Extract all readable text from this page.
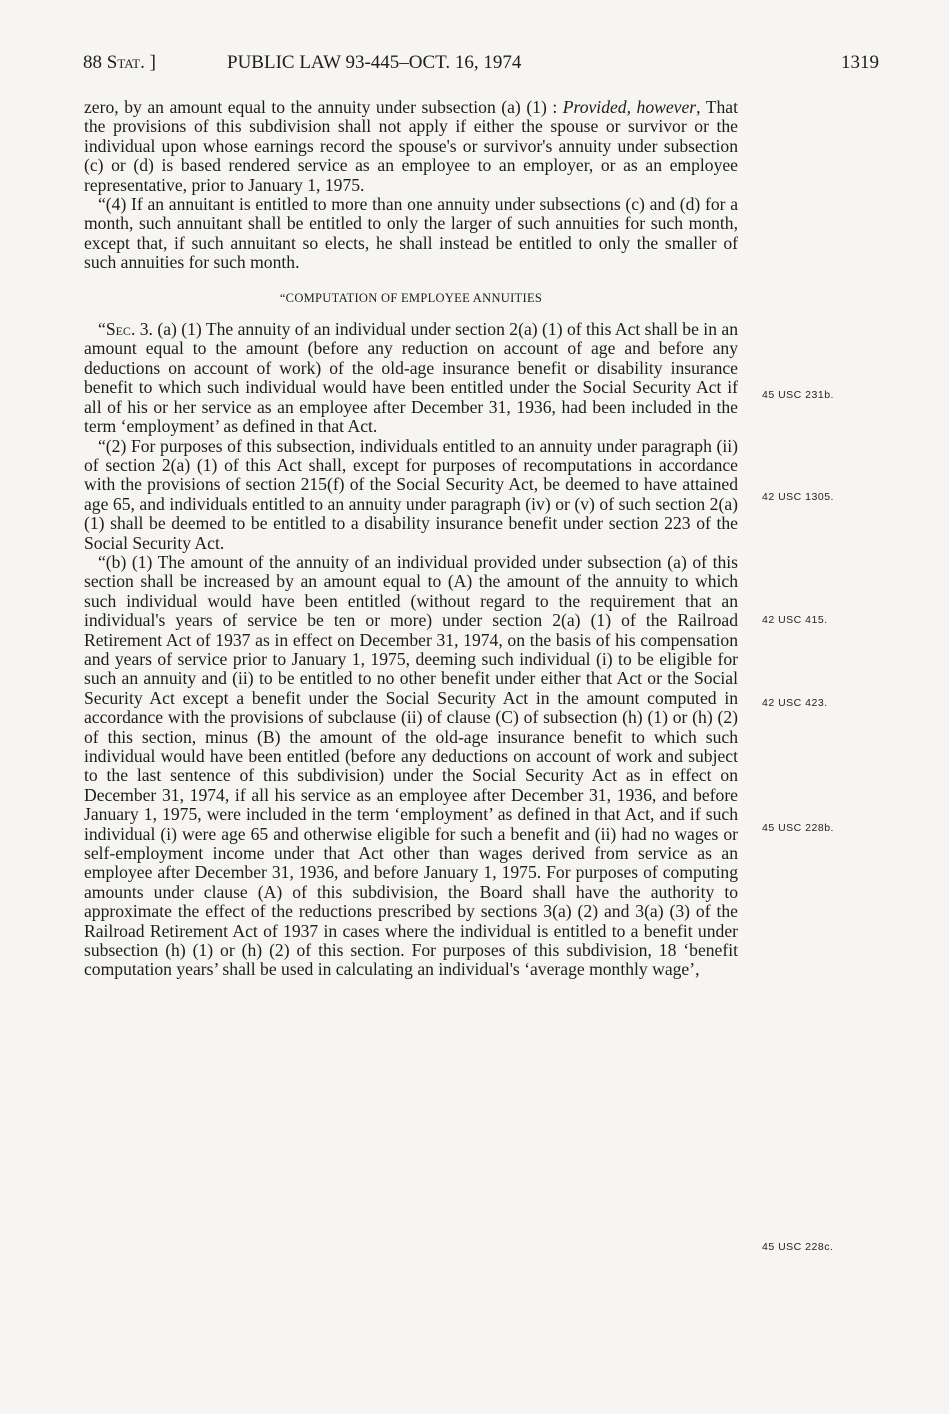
88 Stat. ]	PUBLIC LAW 93-445–OCT. 16, 1974	1319

zero, by an amount equal to the annuity under subsection (a) (1) : Provided, however, That the provisions of this subdivision shall not apply if either the spouse or survivor or the individual upon whose earnings record the spouse's or survivor's annuity under subsection (c) or (d) is based rendered service as an employee to an employer, or as an employee representative, prior to January 1, 1975.

“(4) If an annuitant is entitled to more than one annuity under subsections (c) and (d) for a month, such annuitant shall be entitled to only the larger of such annuities for such month, except that, if such annuitant so elects, he shall instead be entitled to only the smaller of such annuities for such month.

“COMPUTATION OF EMPLOYEE ANNUITIES

“Sec. 3. (a) (1) The annuity of an individual under section 2(a) (1) of this Act shall be in an amount equal to the amount (before any reduction on account of age and before any deductions on account of work) of the old-age insurance benefit or disability insurance benefit to which such individual would have been entitled under the Social Security Act if all of his or her service as an employee after December 31, 1936, had been included in the term ‘employment’ as defined in that Act.

“(2) For purposes of this subsection, individuals entitled to an annuity under paragraph (ii) of section 2(a) (1) of this Act shall, except for purposes of recomputations in accordance with the provisions of section 215(f) of the Social Security Act, be deemed to have attained age 65, and individuals entitled to an annuity under paragraph (iv) or (v) of such section 2(a) (1) shall be deemed to be entitled to a disability insurance benefit under section 223 of the Social Security Act.

“(b) (1) The amount of the annuity of an individual provided under subsection (a) of this section shall be increased by an amount equal to (A) the amount of the annuity to which such individual would have been entitled (without regard to the requirement that an individual's years of service be ten or more) under section 2(a) (1) of the Railroad Retirement Act of 1937 as in effect on December 31, 1974, on the basis of his compensation and years of service prior to January 1, 1975, deeming such individual (i) to be eligible for such an annuity and (ii) to be entitled to no other benefit under either that Act or the Social Security Act except a benefit under the Social Security Act in the amount computed in accordance with the provisions of subclause (ii) of clause (C) of subsection (h) (1) or (h) (2) of this section, minus (B) the amount of the old-age insurance benefit to which such individual would have been entitled (before any deductions on account of work and subject to the last sentence of this subdivision) under the Social Security Act as in effect on December 31, 1974, if all his service as an employee after December 31, 1936, and before January 1, 1975, were included in the term ‘employment’ as defined in that Act, and if such individual (i) were age 65 and otherwise eligible for such a benefit and (ii) had no wages or self-employment income under that Act other than wages derived from service as an employee after December 31, 1936, and before January 1, 1975. For purposes of computing amounts under clause (A) of this subdivision, the Board shall have the authority to approximate the effect of the reductions prescribed by sections 3(a) (2) and 3(a) (3) of the Railroad Retirement Act of 1937 in cases where the individual is entitled to a benefit under subsection (h) (1) or (h) (2) of this section. For purposes of this subdivision, 18 ‘benefit computation years’ shall be used in calculating an individual's ‘average monthly wage’,

45 USC 231b.
42 USC 1305.
42 USC 415.
42 USC 423.
45 USC 228b.
45 USC 228c.
